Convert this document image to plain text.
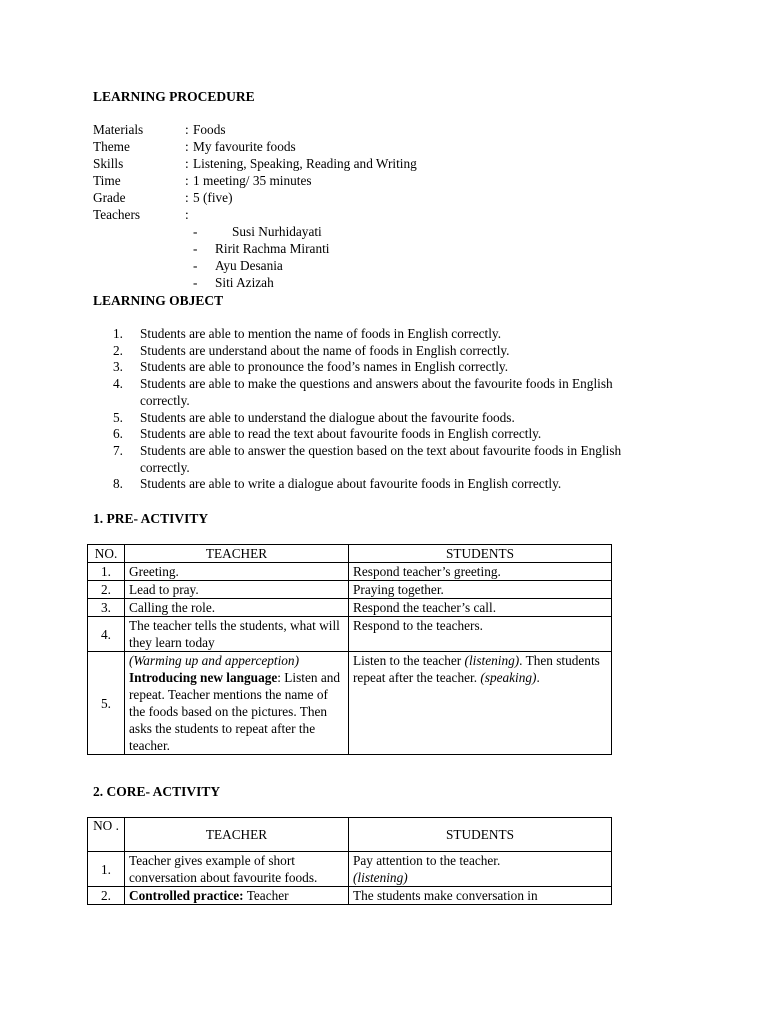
LEARNING PROCEDURE
Materials	: Foods
Theme	: My favourite foods
Skills	: Listening, Speaking, Reading and Writing
Time	: 1 meeting/ 35 minutes
Grade	: 5 (five)
Teachers	:
-	Susi Nurhidayati
- Ririt Rachma Miranti
- Ayu Desania
- Siti Azizah
LEARNING OBJECT
1.	Students are able to mention the name of foods in English correctly.
2.	Students are understand about the name of foods in English correctly.
3.	Students are able to pronounce the food’s names in English correctly.
4.	Students are able to make the questions and answers about the favourite foods in English correctly.
5.	Students are able to understand the dialogue about the favourite foods.
6.	Students are able to read the text about favourite foods in English correctly.
7.	Students are able to answer the question based on the text about favourite foods in English correctly.
8.	Students are able to write a dialogue about favourite foods in English correctly.
1. PRE- ACTIVITY
NO.	TEACHER	STUDENTS
1.	Greeting.	Respond teacher’s greeting.
2.	Lead to pray.	Praying together.
3.	Calling the role.	Respond the teacher’s call.
4.	The teacher tells the students, what will they learn today	Respond to the teachers.
5.	(Warming up and apperception)
Introducing new language: Listen and repeat. Teacher mentions the name of the foods based on the pictures. Then asks the students to repeat after the teacher.	Listen to the teacher (listening). Then students repeat after the teacher. (speaking).
2. CORE- ACTIVITY
NO .	TEACHER	STUDENTS
1.	Teacher gives example of short conversation about favourite foods.	Pay attention to the teacher.
(listening)
2.	Controlled practice: Teacher	The students make conversation in
